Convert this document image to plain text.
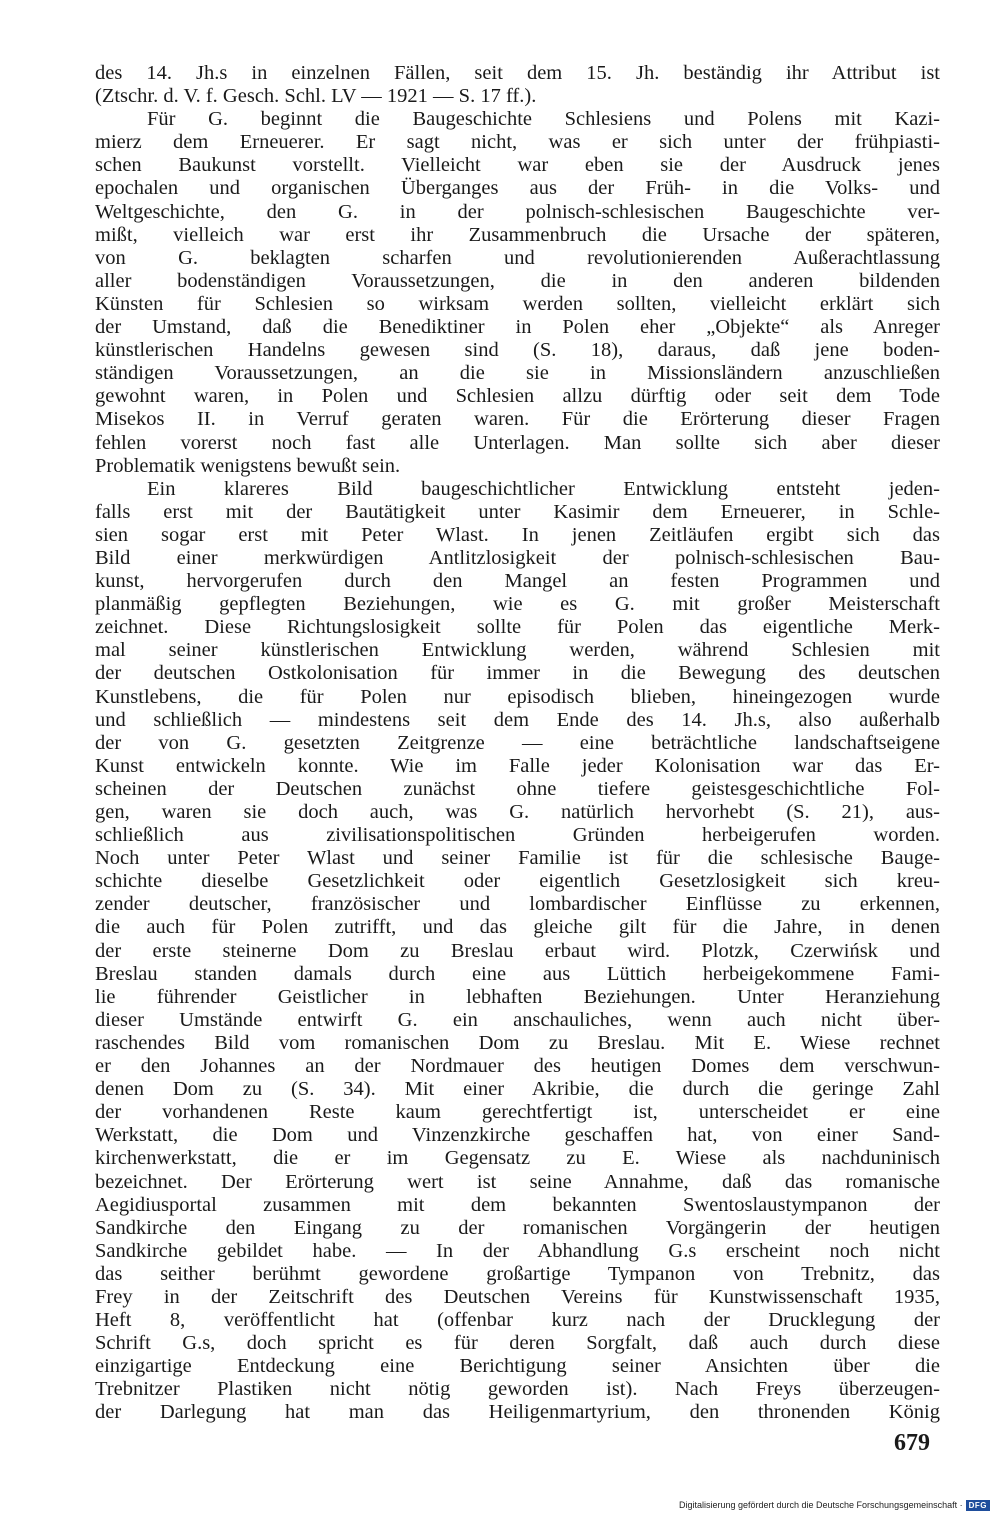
des 14. Jh.s in einzelnen Fällen, seit dem 15. Jh. beständig ihr Attribut ist
(Ztschr. d. V. f. Gesch. Schl. LV — 1921 — S. 17 ff.).
Für G. beginnt die Baugeschichte Schlesiens und Polens mit Kazi-
mierz dem Erneuerer. Er sagt nicht, was er sich unter der frühpiasti-
schen Baukunst vorstellt. Vielleicht war eben sie der Ausdruck jenes
epochalen und organischen Überganges aus der Früh- in die Volks- und
Weltgeschichte, den G. in der polnisch-schlesischen Baugeschichte ver-
mißt, vielleich war erst ihr Zusammenbruch die Ursache der späteren,
von G. beklagten scharfen und revolutionierenden Außerachtlassung
aller bodenständigen Voraussetzungen, die in den anderen bildenden
Künsten für Schlesien so wirksam werden sollten, vielleicht erklärt sich
der Umstand, daß die Benediktiner in Polen eher „Objekte“ als Anreger
künstlerischen Handelns gewesen sind (S. 18), daraus, daß jene boden-
ständigen Voraussetzungen, an die sie in Missionsländern anzuschließen
gewohnt waren, in Polen und Schlesien allzu dürftig oder seit dem Tode
Misekos II. in Verruf geraten waren. Für die Erörterung dieser Fragen
fehlen vorerst noch fast alle Unterlagen. Man sollte sich aber dieser
Problematik wenigstens bewußt sein.
Ein klareres Bild baugeschichtlicher Entwicklung entsteht jeden-
falls erst mit der Bautätigkeit unter Kasimir dem Erneuerer, in Schle-
sien sogar erst mit Peter Wlast. In jenen Zeitläufen ergibt sich das
Bild einer merkwürdigen Antlitzlosigkeit der polnisch-schlesischen Bau-
kunst, hervorgerufen durch den Mangel an festen Programmen und
planmäßig gepflegten Beziehungen, wie es G. mit großer Meisterschaft
zeichnet. Diese Richtungslosigkeit sollte für Polen das eigentliche Merk-
mal seiner künstlerischen Entwicklung werden, während Schlesien mit
der deutschen Ostkolonisation für immer in die Bewegung des deutschen
Kunstlebens, die für Polen nur episodisch blieben, hineingezogen wurde
und schließlich — mindestens seit dem Ende des 14. Jh.s, also außerhalb
der von G. gesetzten Zeitgrenze — eine beträchtliche landschaftseigene
Kunst entwickeln konnte. Wie im Falle jeder Kolonisation war das Er-
scheinen der Deutschen zunächst ohne tiefere geistesgeschichtliche Fol-
gen, waren sie doch auch, was G. natürlich hervorhebt (S. 21), aus-
schließlich aus zivilisationspolitischen Gründen herbeigerufen worden.
Noch unter Peter Wlast und seiner Familie ist für die schlesische Bauge-
schichte dieselbe Gesetzlichkeit oder eigentlich Gesetzlosigkeit sich kreu-
zender deutscher, französischer und lombardischer Einflüsse zu erkennen,
die auch für Polen zutrifft, und das gleiche gilt für die Jahre, in denen
der erste steinerne Dom zu Breslau erbaut wird. Plotzk, Czerwińsk und
Breslau standen damals durch eine aus Lüttich herbeigekommene Fami-
lie führender Geistlicher in lebhaften Beziehungen. Unter Heranziehung
dieser Umstände entwirft G. ein anschauliches, wenn auch nicht über-
raschendes Bild vom romanischen Dom zu Breslau. Mit E. Wiese rechnet
er den Johannes an der Nordmauer des heutigen Domes dem verschwun-
denen Dom zu (S. 34). Mit einer Akribie, die durch die geringe Zahl
der vorhandenen Reste kaum gerechtfertigt ist, unterscheidet er eine
Werkstatt, die Dom und Vinzenzkirche geschaffen hat, von einer Sand-
kirchenwerkstatt, die er im Gegensatz zu E. Wiese als nachduninisch
bezeichnet. Der Erörterung wert ist seine Annahme, daß das romanische
Aegidiusportal zusammen mit dem bekannten Swentoslaustympanon der
Sandkirche den Eingang zu der romanischen Vorgängerin der heutigen
Sandkirche gebildet habe. — In der Abhandlung G.s erscheint noch nicht
das seither berühmt gewordene großartige Tympanon von Trebnitz, das
Frey in der Zeitschrift des Deutschen Vereins für Kunstwissenschaft 1935,
Heft 8, veröffentlicht hat (offenbar kurz nach der Drucklegung der
Schrift G.s, doch spricht es für deren Sorgfalt, daß auch durch diese
einzigartige Entdeckung eine Berichtigung seiner Ansichten über die
Trebnitzer Plastiken nicht nötig geworden ist). Nach Freys überzeugen-
der Darlegung hat man das Heiligenmartyrium, den thronenden König
679
Digitalisierung gefördert durch die Deutsche Forschungsgemeinschaft · DFG
